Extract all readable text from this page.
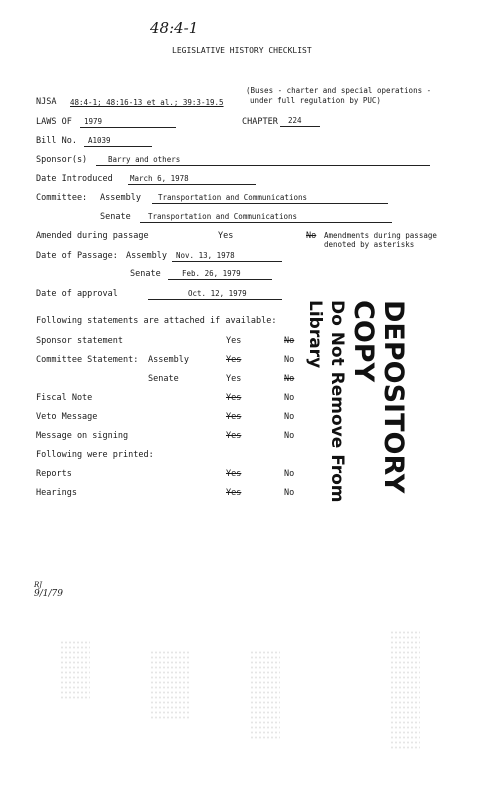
48:4-1
LEGISLATIVE HISTORY CHECKLIST
(Buses - charter and special operations -
under full regulation by PUC)
NJSA 48:4-1; 48:16-13 et al.; 39:3-19.5
LAWS OF 1979	CHAPTER 224
Bill No. A1039
Sponsor(s)	Barry and others
Date Introduced March 6, 1978
Committee: Assembly Transportation and Communications
Senate Transportation and Communications
Amended during passage	Yes	No Amendments during passage
denoted by asterisks
Date of Passage: Assembly Nov. 13, 1978
Senate	Feb. 26, 1979
Date of approval	Oct. 12, 1979
Following statements are attached if available:
Sponsor statement	Yes	No
Committee Statement: Assembly	Yes	No
Senate	Yes	No
Fiscal Note	Yes	No
Veto Message	Yes	No
Message on signing	Yes	No
Following were printed:
Reports	Yes	No
Hearings	Yes	No	DEPOSITORY COPY
Do Not Remove From Library
RJ
9/1/79
